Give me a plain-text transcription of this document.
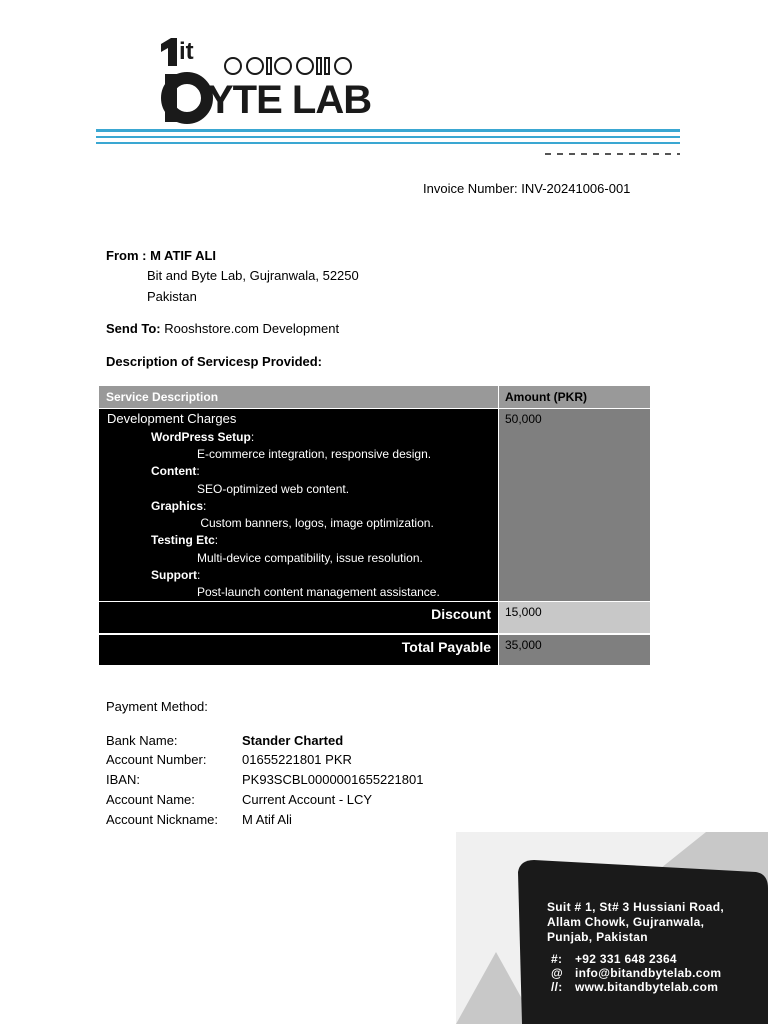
it
YTE LAB
Invoice Number: INV-20241006-001
From : M ATIF ALI
Bit and Byte Lab, Gujranwala, 52250
Pakistan
Send To: Rooshstore.com Development
Description of Servicesp Provided:
Service Description	Amount (PKR)
Development Charges
WordPress Setup:
E-commerce integration, responsive design.
Content:
SEO-optimized web content.
Graphics:
Custom banners, logos, image optimization.
Testing Etc:
Multi-device compatibility, issue resolution.
Support:
Post-launch content management assistance.
50,000
Discount 15,000
Total Payable 35,000
Payment Method:
Bank Name:	Stander Charted
Account Number:	01655221801 PKR
IBAN:	PK93SCBL0000001655221801
Account Name:	Current Account - LCY
Account Nickname: M Atif Ali
Suit # 1, St# 3 Hussiani Road,
Allam Chowk, Gujranwala,
Punjab, Pakistan
#: +92 331 648 2364
@ info@bitandbytelab.com
//: www.bitandbytelab.com
